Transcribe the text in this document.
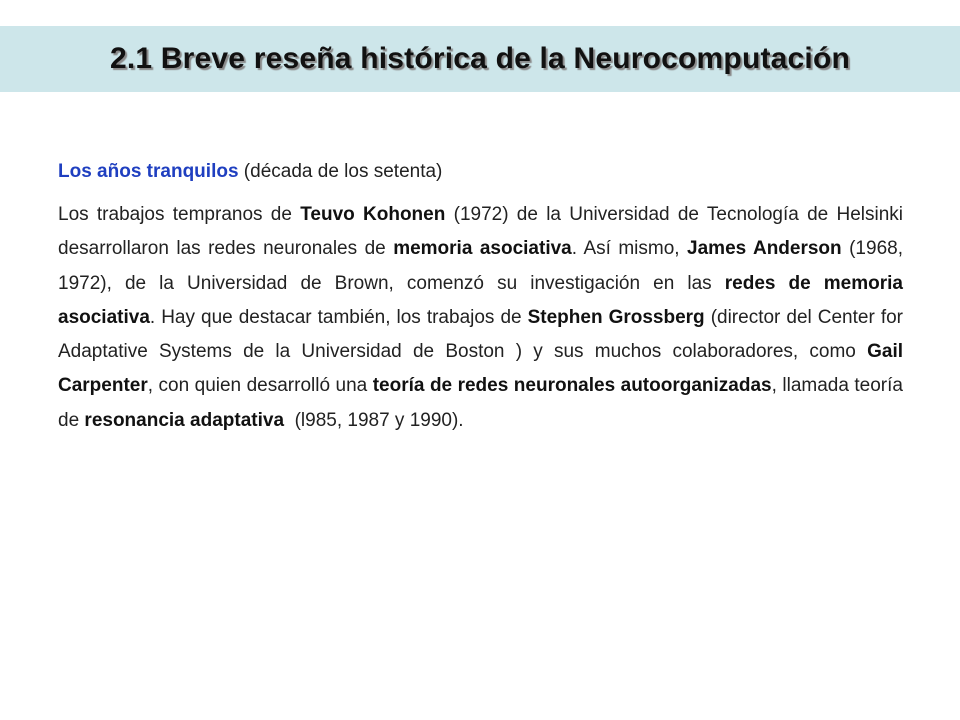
2.1 Breve reseña histórica de la Neurocomputación

Los años tranquilos (década de los setenta)

Los trabajos tempranos de Teuvo Kohonen (1972) de la Universidad de Tecnología de Helsinki desarrollaron las redes neuronales de memoria asociativa. Así mismo, James Anderson (1968, 1972), de la Universidad de Brown, comenzó su investigación en las redes de memoria asociativa. Hay que destacar también, los trabajos de Stephen Grossberg (director del Center for Adaptative Systems de la Universidad de Boston ) y sus muchos colaboradores, como Gail Carpenter, con quien desarrolló una teoría de redes neuronales autoorganizadas, llamada teoría de resonancia adaptativa  (l985, 1987 y 1990).
